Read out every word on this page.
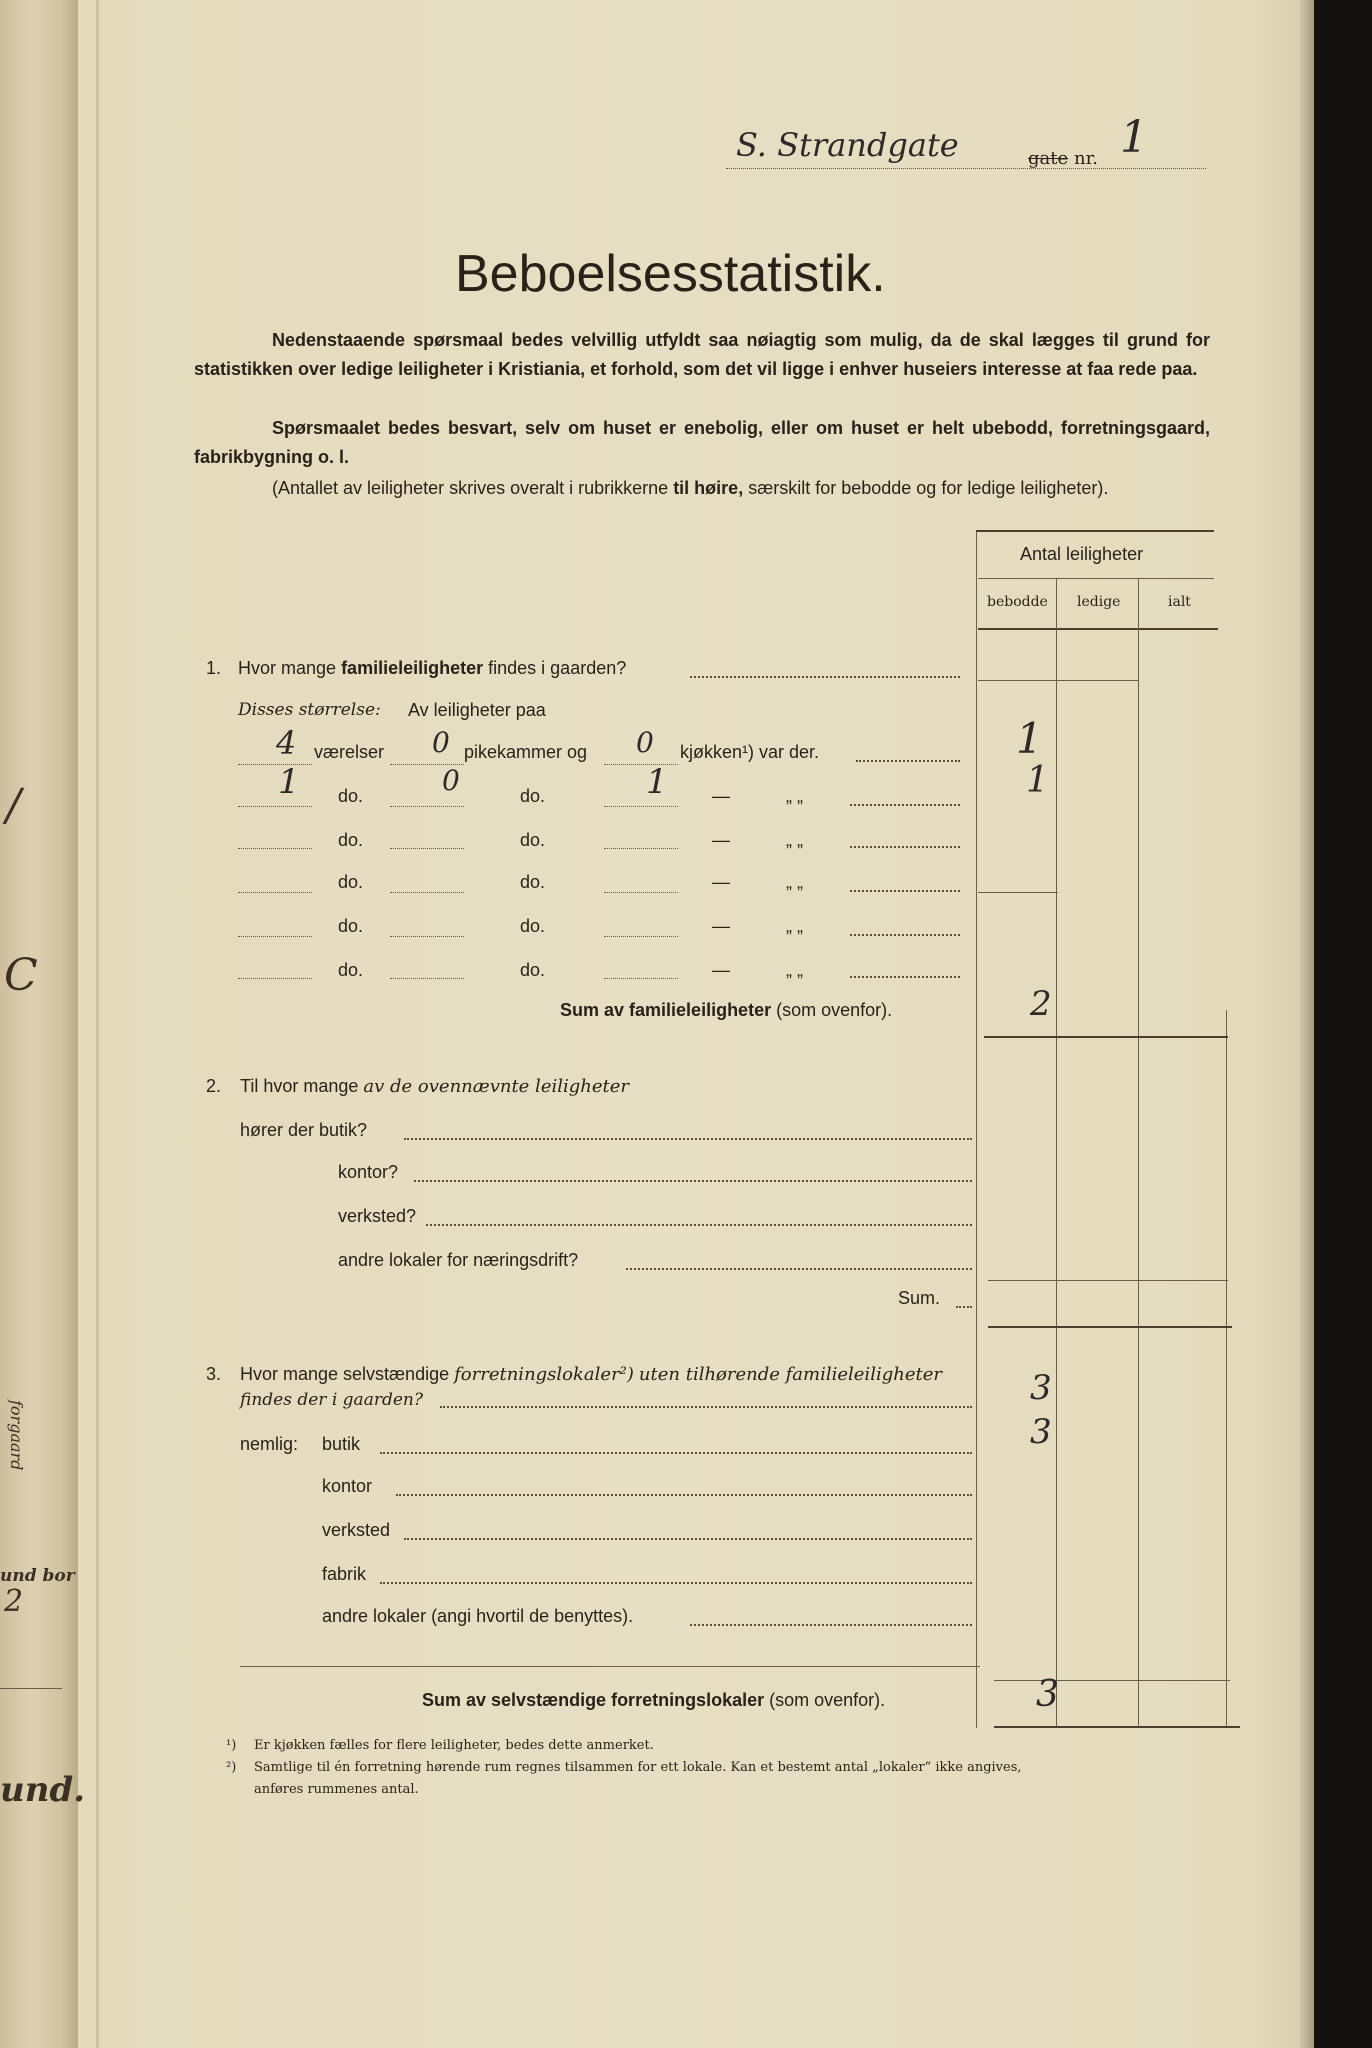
forgaard
und bor
2
und.
/
C
S. Strandgate	gate nr. 1
Beboelsesstatistik.
Nedenstaaende spørsmaal bedes velvillig utfyldt saa nøiagtig som mulig, da de skal lægges til grund for statistikken over ledige leiligheter i Kristiania, et forhold, som det vil ligge i enhver huseiers interesse at faa rede paa.
Spørsmaalet bedes besvart, selv om huset er enebolig, eller om huset er helt ubebodd, forretningsgaard, fabrikbygning o. l.
(Antallet av leiligheter skrives overalt i rubrikkerne til høire, særskilt for bebodde og for ledige leiligheter).
Antal leiligheter
bebodde ledige	ialt
1. Hvor mange familieleiligheter findes i gaarden?
Disses størrelse: Av leiligheter paa
4 værelser 0 pikekammer og 0 kjøkken¹) var der.	1
1	0	1	1
do.	do.	—	„ „
do.	do.	—	„ „
do.	do.	—	„ „
do.	do.	—	„ „
do.	do.	—	„ „
Sum av familieleiligheter (som ovenfor).	2
2. Til hvor mange av de ovennævnte leiligheter
hører der butik?
kontor?
verksted?
andre lokaler for næringsdrift?
Sum.
3. Hvor mange selvstændige forretningslokaler²) uten tilhørende familieleiligheter
findes der i gaarden?	3
nemlig: butik	3
kontor
verksted
fabrik
andre lokaler (angi hvortil de benyttes).
Sum av selvstændige forretningslokaler (som ovenfor).	3
¹) Er kjøkken fælles for flere leiligheter, bedes dette anmerket.
²) Samtlige til én forretning hørende rum regnes tilsammen for ett lokale. Kan et bestemt antal „lokaler“ ikke angives,
anføres rummenes antal.
